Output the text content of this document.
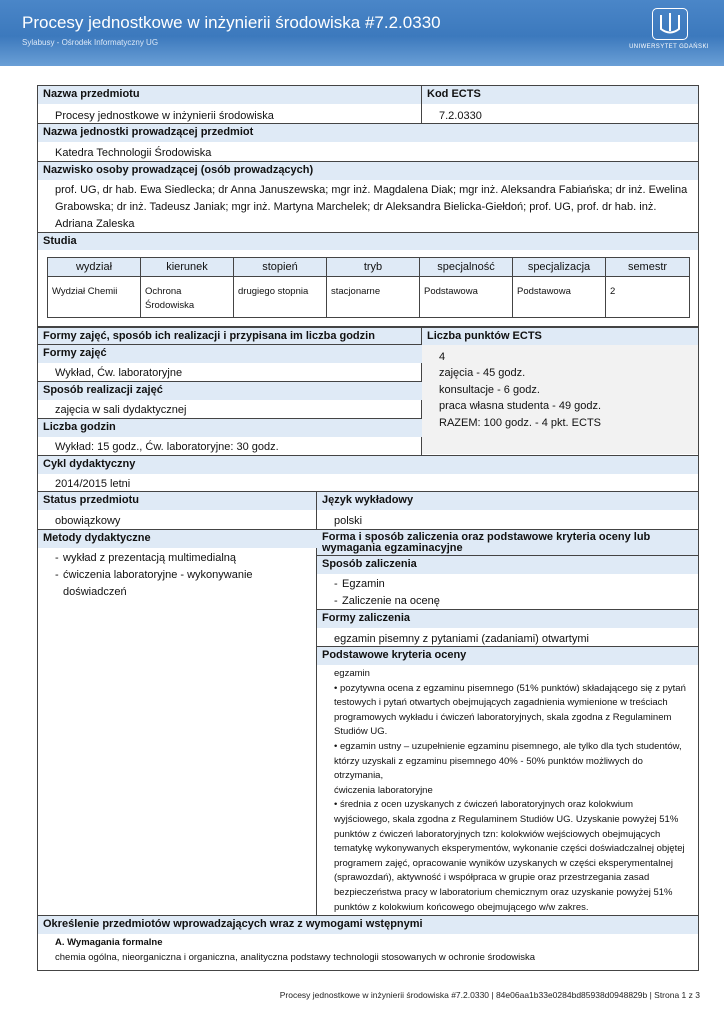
Procesy jednostkowe w inżynierii środowiska #7.2.0330
Sylabusy - Ośrodek Informatyczny UG	UNIWERSYTET GDAŃSKI
Nazwa przedmiotu	Kod ECTS
Procesy jednostkowe w inżynierii środowiska	7.2.0330
Nazwa jednostki prowadzącej przedmiot
Katedra Technologii Środowiska
Nazwisko osoby prowadzącej (osób prowadzących)
prof. UG, dr hab. Ewa Siedlecka; dr Anna Januszewska; mgr inż. Magdalena Diak; mgr inż. Aleksandra Fabiańska; dr inż. Ewelina Grabowska; dr inż. Tadeusz Janiak; mgr inż. Martyna Marchelek; dr Aleksandra Bielicka-Giełdoń; prof. UG, prof. dr hab. inż. Adriana Zaleska
Studia
wydział	kierunek	stopień	tryb	specjalność	specjalizacja	semestr
Wydział Chemii	Ochrona Środowiska	drugiego stopnia	stacjonarne	Podstawowa	Podstawowa	2
Formy zajęć, sposób ich realizacji i przypisana im liczba godzin	Liczba punktów ECTS
Formy zajęć
Wykład, Ćw. laboratoryjne
Sposób realizacji zajęć
zajęcia w sali dydaktycznej
Liczba godzin
Wykład: 15 godz., Ćw. laboratoryjne: 30 godz.
4
zajęcia - 45 godz.
konsultacje - 6 godz.
praca własna studenta - 49 godz.
RAZEM: 100 godz. - 4 pkt. ECTS
Cykl dydaktyczny
2014/2015 letni
Status przedmiotu	Język wykładowy
obowiązkowy	polski
Metody dydaktyczne
- wykład z prezentacją multimedialną
- ćwiczenia laboratoryjne - wykonywanie doświadczeń
Forma i sposób zaliczenia oraz podstawowe kryteria oceny lub wymagania egzaminacyjne
Sposób zaliczenia
- Egzamin
- Zaliczenie na ocenę
Formy zaliczenia
egzamin pisemny z pytaniami (zadaniami) otwartymi
Podstawowe kryteria oceny
egzamin
• pozytywna ocena z egzaminu pisemnego (51% punktów) składającego się z pytań
testowych i pytań otwartych obejmujących zagadnienia wymienione w treściach
programowych wykładu i ćwiczeń laboratoryjnych, skala zgodna z Regulaminem
Studiów UG.
• egzamin ustny – uzupełnienie egzaminu pisemnego, ale tylko dla tych studentów,
którzy uzyskali z egzaminu pisemnego 40% - 50% punktów możliwych do
otrzymania,
ćwiczenia laboratoryjne
• średnia z ocen uzyskanych z ćwiczeń laboratoryjnych oraz kolokwium
wyjściowego, skala zgodna z Regulaminem Studiów UG. Uzyskanie powyżej 51%
punktów z ćwiczeń laboratoryjnych tzn: kolokwiów wejściowych obejmujących
tematykę wykonywanych eksperymentów, wykonanie części doświadczalnej objętej
programem zajęć, opracowanie wyników uzyskanych w części eksperymentalnej
(sprawozdań), aktywność i współpraca w grupie oraz przestrzegania zasad
bezpieczeństwa pracy w laboratorium chemicznym oraz uzyskanie powyżej 51%
punktów z kolokwium końcowego obejmującego w/w zakres.
Określenie przedmiotów wprowadzających wraz z wymogami wstępnymi
A. Wymagania formalne
chemia ogólna, nieorganiczna i organiczna, analityczna podstawy technologii stosowanych w ochronie środowiska
Procesy jednostkowe w inżynierii środowiska #7.2.0330 | 84e06aa1b33e0284bd85938d0948829b | Strona 1 z 3
